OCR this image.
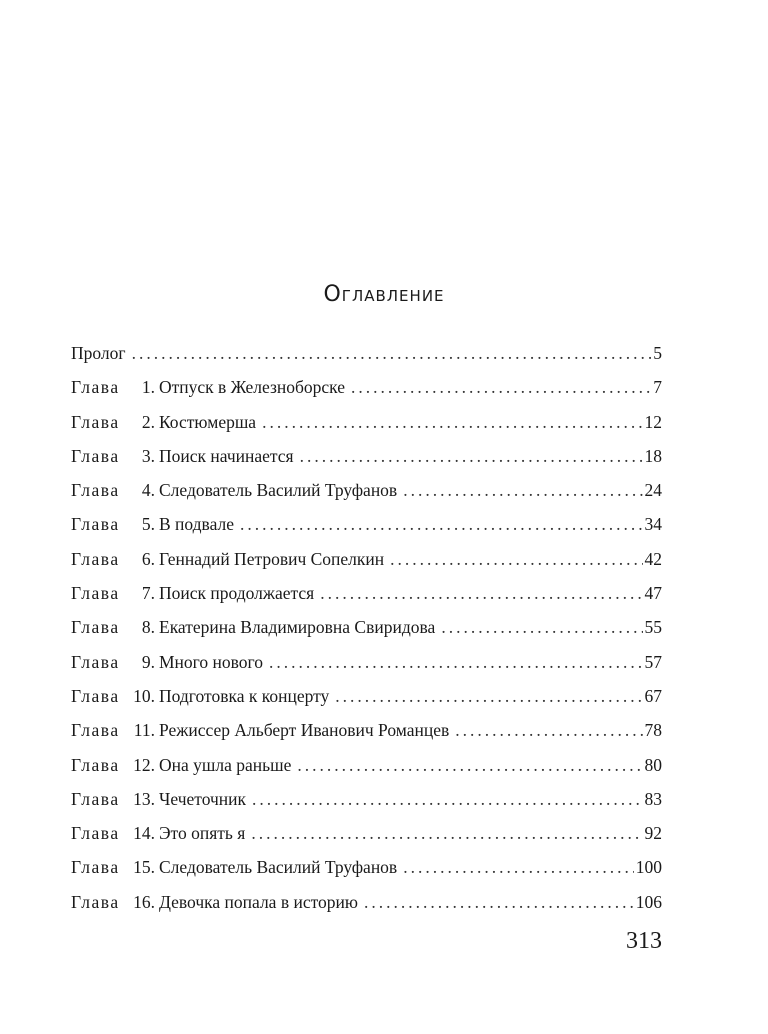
Оглавление
Пролог .....	5
Глава	1. Отпуск в Железноборске .....	7
Глава	2. Костюмерша .....	12
Глава	3. Поиск начинается .....	18
Глава	4. Следователь Василий Труфанов .....	24
Глава	5. В подвале .....	34
Глава	6. Геннадий Петрович Сопелкин .....	42
Глава	7. Поиск продолжается .....	47
Глава	8. Екатерина Владимировна Свиридова .....	55
Глава	9. Много нового .....	57
Глава 10. Подготовка к концерту .....	67
Глава 11. Режиссер Альберт Иванович Романцев .....	78
Глава 12. Она ушла раньше .....	80
Глава 13. Чечеточник .....	83
Глава 14. Это опять я .....	92
Глава 15. Следователь Василий Труфанов .....	100
Глава 16. Девочка попала в историю .....	106
313
